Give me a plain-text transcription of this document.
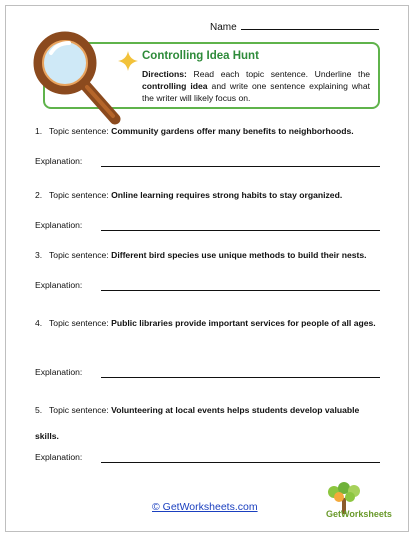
Name
Controlling Idea Hunt
Directions: Read each topic sentence. Underline the controlling idea and write one sentence explaining what the writer will likely focus on.
1. Topic sentence: Community gardens offer many benefits to neighborhoods.
Explanation:
2. Topic sentence: Online learning requires strong habits to stay organized.
Explanation:
3. Topic sentence: Different bird species use unique methods to build their nests.
Explanation:
4. Topic sentence: Public libraries provide important services for people of all ages.
Explanation:
5. Topic sentence: Volunteering at local events helps students develop valuable skills.
Explanation:
© GetWorksheets.com
GetWorksheets
